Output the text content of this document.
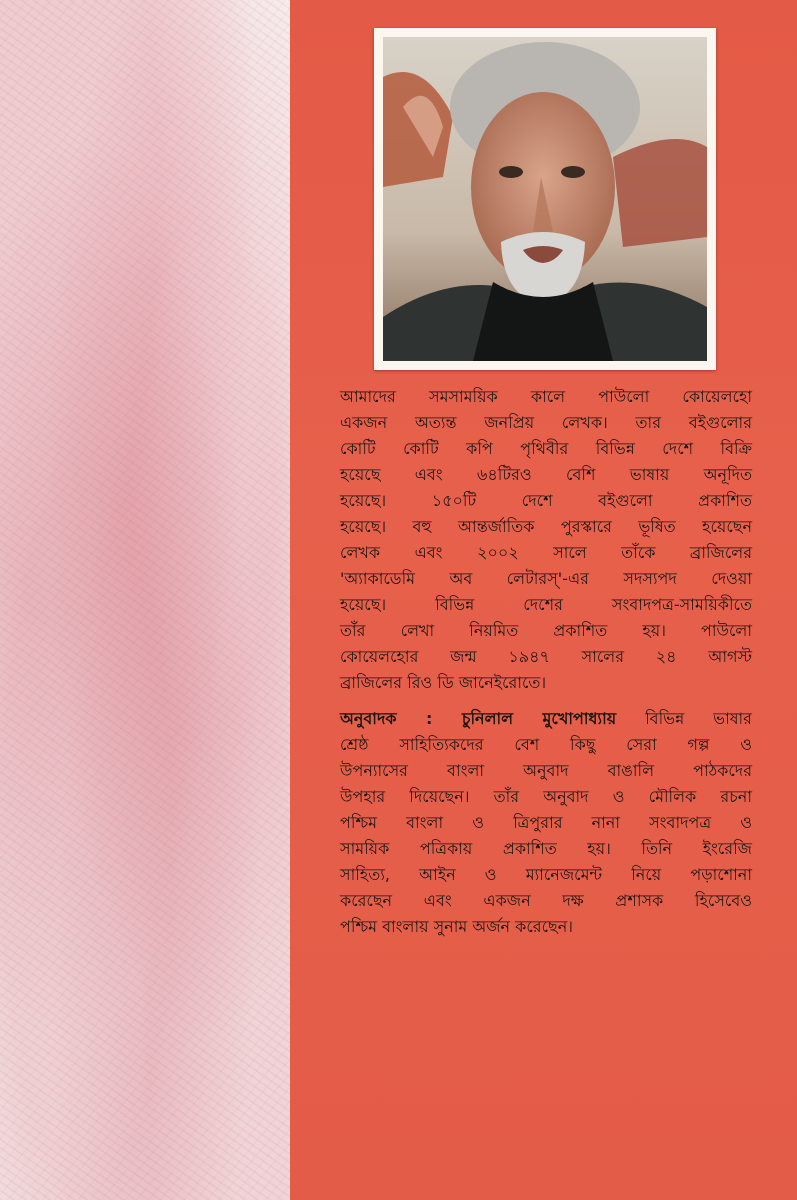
আমাদের সমসাময়িক কালে পাউলো কোয়েলহো
একজন অত্যন্ত জনপ্রিয় লেখক। তার বইগুলোর
কোটি কোটি কপি পৃথিবীর বিভিন্ন দেশে বিক্রি
হয়েছে এবং ৬৪টিরও বেশি ভাষায় অনূদিত
হয়েছে। ১৫০টি দেশে বইগুলো প্রকাশিত
হয়েছে। বহু আন্তর্জাতিক পুরস্কারে ভূষিত হয়েছেন
লেখক এবং ২০০২ সালে তাঁকে ব্রাজিলের
'অ্যাকাডেমি অব লেটারস্'-এর সদস্যপদ দেওয়া
হয়েছে। বিভিন্ন দেশের সংবাদপত্র-সাময়িকীতে
তাঁর লেখা নিয়মিত প্রকাশিত হয়। পাউলো
কোয়েলহোর জন্ম ১৯৪৭ সালের ২৪ আগস্ট
ব্রাজিলের রিও ডি জানেইরোতে।
অনুবাদক : চুনিলাল মুখোপাধ্যায় বিভিন্ন ভাষার
শ্রেষ্ঠ সাহিত্যিকদের বেশ কিছু সেরা গল্প ও
উপন্যাসের বাংলা অনুবাদ বাঙালি পাঠকদের
উপহার দিয়েছেন। তাঁর অনুবাদ ও মৌলিক রচনা
পশ্চিম বাংলা ও ত্রিপুরার নানা সংবাদপত্র ও
সাময়িক পত্রিকায় প্রকাশিত হয়। তিনি ইংরেজি
সাহিত্য, আইন ও ম্যানেজমেন্ট নিয়ে পড়াশোনা
করেছেন এবং একজন দক্ষ প্রশাসক হিসেবেও
পশ্চিম বাংলায় সুনাম অর্জন করেছেন।
